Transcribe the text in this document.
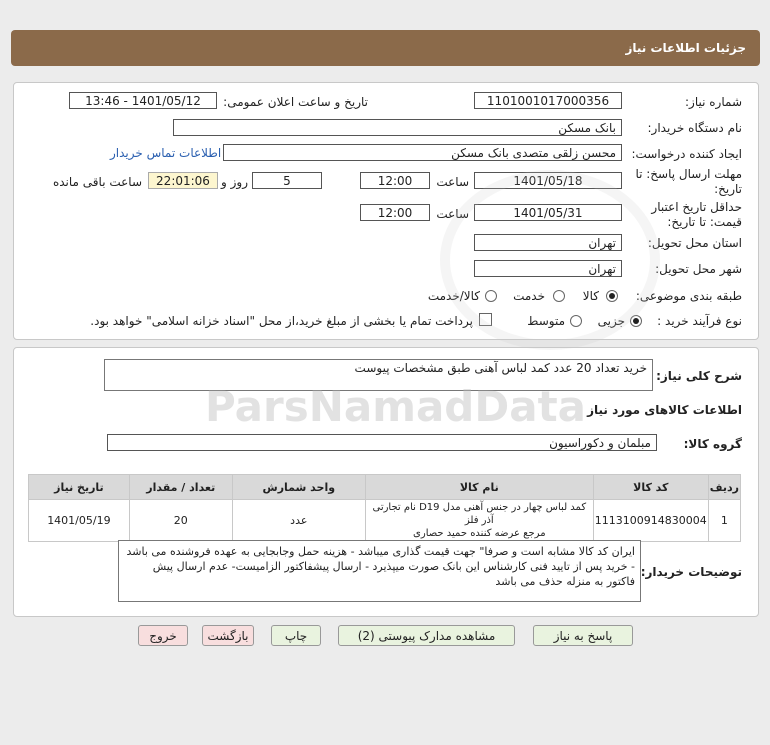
جزئیات اطلاعات نیاز
شماره نیاز:
1101001017000356
تاریخ و ساعت اعلان عمومی:
1401/05/12 - 13:46
نام دستگاه خریدار:
بانک مسکن
ایجاد کننده درخواست:
محسن زلقی متصدی بانک مسکن
اطلاعات تماس خریدار
مهلت ارسال پاسخ: تا
تاریخ:
1401/05/18
ساعت
12:00
5
روز و
22:01:06
ساعت باقی مانده
حداقل تاریخ اعتبار
قیمت: تا تاریخ:
1401/05/31
ساعت
12:00
استان محل تحویل:
تهران
شهر محل تحویل:
تهران
طبقه بندی موضوعی:
کالا
خدمت
کالا/خدمت
نوع فرآیند خرید :
جزیی
متوسط
پرداخت تمام یا بخشی از مبلغ خرید،از محل "اسناد خزانه اسلامی" خواهد بود.
شرح کلی نیاز:
خرید تعداد 20 عدد کمد لباس آهنی طبق مشخصات پیوست
اطلاعات کالاهای مورد نیاز
گروه کالا:
مبلمان و دکوراسیون
ردیف	کد کالا	نام کالا	واحد شمارش	تعداد / مقدار	تاریخ نیاز
1	1113100914830004	کمد لباس چهار در جنس آهنی مدل D19 نام تجارتی آذر فلز
مرجع عرضه کننده حمید حصاری	عدد	20	1401/05/19
توضیحات خریدار:
ایران کد کالا مشابه است و صرفا" جهت قیمت گذاری میباشد - هزینه حمل وجابجایی به عهده فروشنده می باشد - خرید پس از تایید فنی کارشناس این بانک صورت میپذیرد - ارسال پیشفاکتور الزامیست- عدم ارسال پیش فاکتور به منزله حذف می باشد
پاسخ به نیاز
مشاهده مدارک پیوستی (2)
چاپ
بازگشت
خروج
ParsNamadData
